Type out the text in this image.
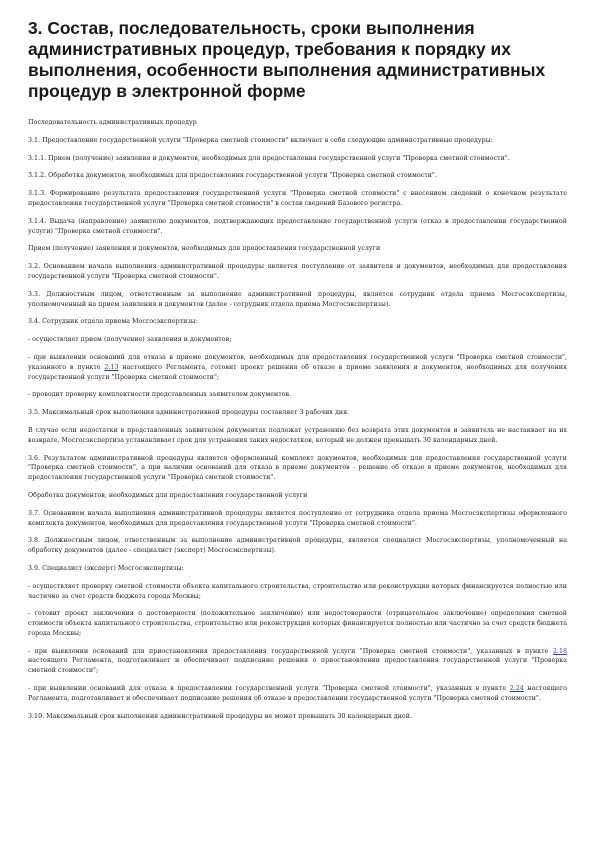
3. Состав, последовательность, сроки выполнения административных процедур, требования к порядку их выполнения, особенности выполнения административных процедур в электронной форме

Последовательность административных процедур

3.1. Предоставление государственной услуги "Проверка сметной стоимости" включает в себя следующие административные процедуры:

3.1.1. Прием (получение) заявления и документов, необходимых для предоставления государственной услуги "Проверка сметной стоимости".

3.1.2. Обработка документов, необходимых для предоставления государственной услуги "Проверка сметной стоимости".

3.1.3. Формирование результата предоставления государственной услуги "Проверка сметной стоимости" с внесением сведений о конечном результате предоставления государственной услуги "Проверка сметной стоимости" в состав сведений Базового регистра.

3.1.4. Выдача (направление) заявителю документов, подтверждающих предоставление государственной услуги (отказ в предоставлении государственной услуги) "Проверка сметной стоимости".

Прием (получение) заявления и документов, необходимых для предоставления государственной услуги

3.2. Основанием начала выполнения административной процедуры является поступление от заявителя и документов, необходимых для предоставления государственной услуги "Проверка сметной стоимости".

3.3. Должностным лицом, ответственным за выполнение административной процедуры, является сотрудник отдела приема Мосгосэкспертизы, уполномоченный на прием заявления и документов (далее - сотрудник отдела приема Мосгосэкспертизы).

3.4. Сотрудник отдела приема Мосгосэкспертизы:

- осуществляет прием (получение) заявления и документов;

- при выявлении оснований для отказа в приеме документов, необходимых для предоставления государственной услуги "Проверка сметной стоимости", указанного в пункте 2.13 настоящего Регламента, готовит проект решения об отказе в приеме заявления и документов, необходимых для получения государственной услуги "Проверка сметной стоимости";

- проводит проверку комплектности представленных заявителем документов.

3.5. Максимальный срок выполнения административной процедуры составляет 3 рабочих дня.

В случае если недостатки в представленных заявителем документах подлежат устранению без возврата этих документов и заявитель не настаивает на их возврате, Мосгосэкспертиза устанавливает срок для устранения таких недостатков, который не должен превышать 30 календарных дней.

3.6. Результатом административной процедуры является оформленный комплект документов, необходимых для предоставления государственной услуги "Проверка сметной стоимости", а при наличии оснований для отказа в приеме документов - решение об отказе в приеме документов, необходимых для предоставления государственной услуги "Проверка сметной стоимости".

Обработка документов, необходимых для предоставления государственной услуги

3.7. Основанием начала выполнения административной процедуры является поступление от сотрудника отдела приема Мосгосэкспертизы оформленного комплекта документов, необходимых для предоставления государственной услуги "Проверка сметной стоимости".

3.8. Должностным лицом, ответственным за выполнение административной процедуры, является специалист Мосгосэкспертизы, уполномоченный на обработку документов (далее - специалист (эксперт) Мосгосэкспертизы).

3.9. Специалист (эксперт) Мосгосэкспертизы:

- осуществляет проверку сметной стоимости объекта капитального строительства, строительство или реконструкция которых финансируется полностью или частично за счет средств бюджета города Москвы;

- готовит проект заключения о достоверности (положительное заключение) или недостоверности (отрицательное заключение) определения сметной стоимости объекта капитального строительства, строительство или реконструкция которых финансируется полностью или частично за счет средств бюджета города Москвы;

- при выявлении оснований для приостановления предоставления государственной услуги "Проверка сметной стоимости", указанных в пункте 2.18 настоящего Регламента, подготавливает и обеспечивает подписание решения о приостановлении предоставления государственной услуги "Проверка сметной стоимости";

- при выявлении оснований для отказа в предоставлении государственной услуги "Проверка сметной стоимости", указанных в пункте 2.24 настоящего Регламента, подготавливает и обеспечивает подписание решения об отказе в предоставлении государственной услуги "Проверка сметной стоимости".

3.10. Максимальный срок выполнения административной процедуры не может превышать 30 календарных дней.
